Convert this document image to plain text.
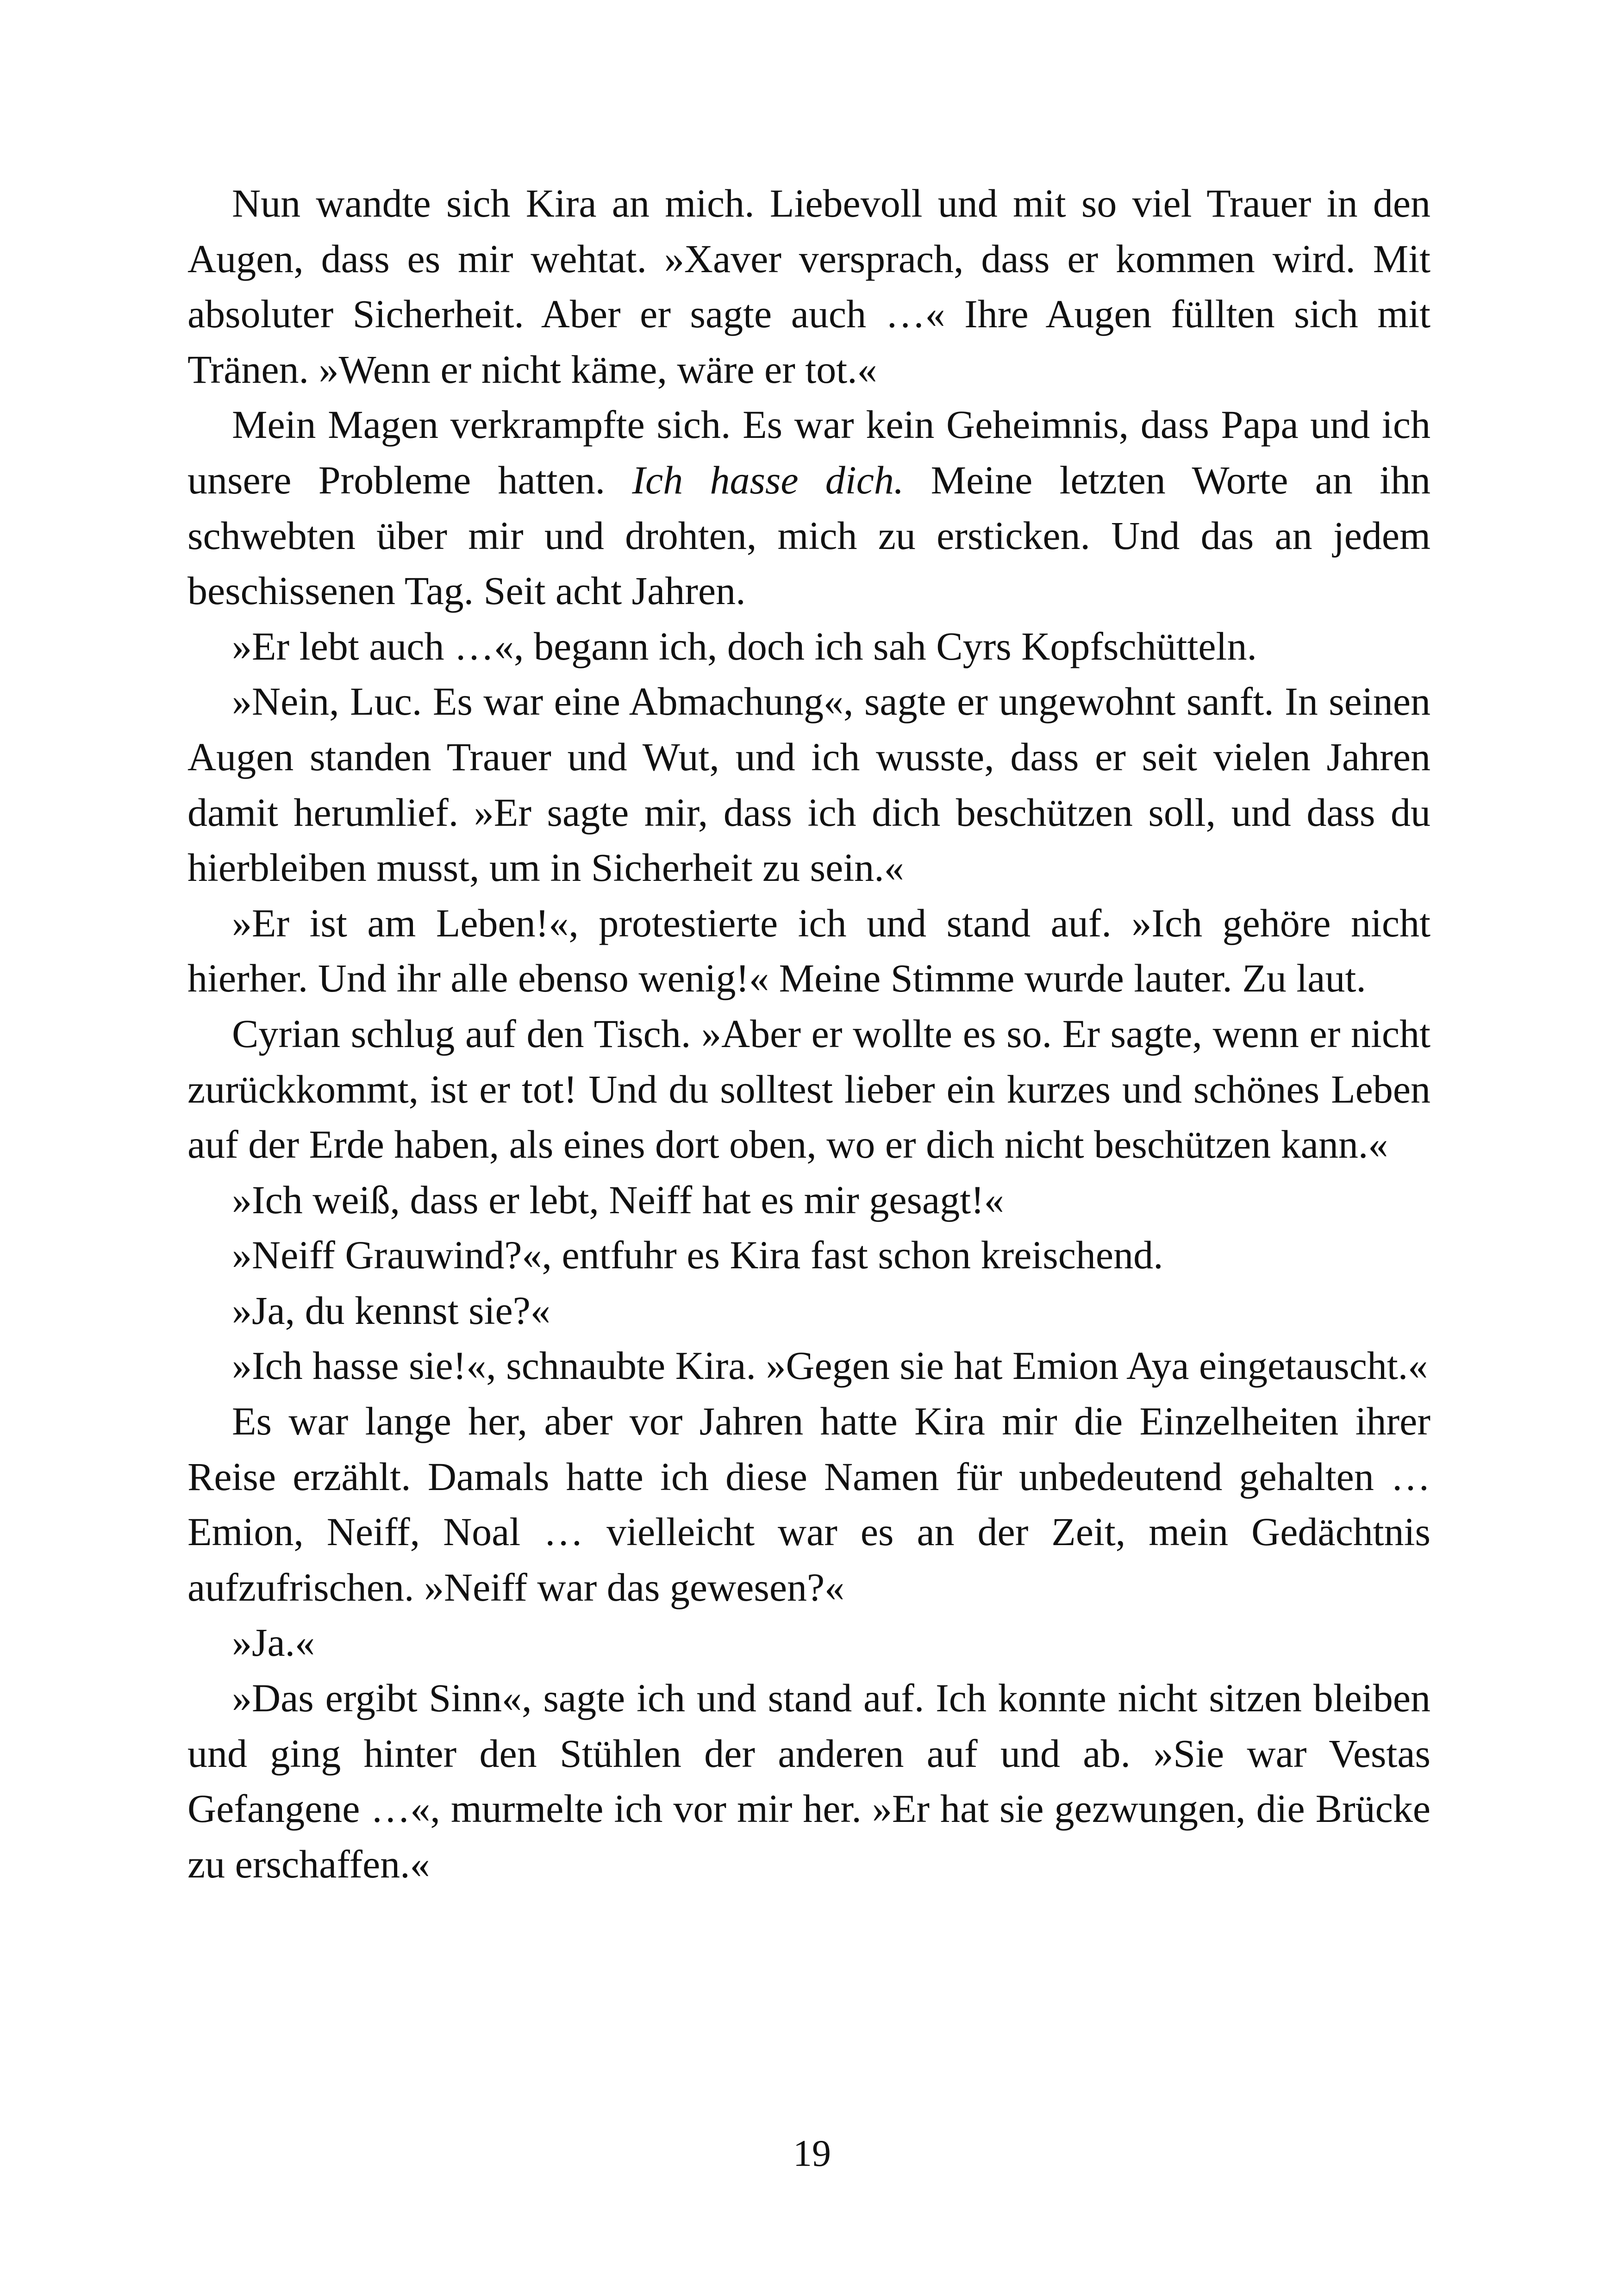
Nun wandte sich Kira an mich. Liebevoll und mit so viel Trauer in den Augen, dass es mir wehtat. »Xaver versprach, dass er kommen wird. Mit absoluter Sicherheit. Aber er sagte auch …« Ihre Augen füllten sich mit Tränen. »Wenn er nicht käme, wäre er tot.«

Mein Magen verkrampfte sich. Es war kein Geheimnis, dass Papa und ich unsere Probleme hatten. Ich hasse dich. Meine letzten Worte an ihn schwebten über mir und drohten, mich zu ersticken. Und das an jedem beschissenen Tag. Seit acht Jahren.

»Er lebt auch …«, begann ich, doch ich sah Cyrs Kopfschütteln.

»Nein, Luc. Es war eine Abmachung«, sagte er ungewohnt sanft. In seinen Augen standen Trauer und Wut, und ich wusste, dass er seit vielen Jahren damit herumlief. »Er sagte mir, dass ich dich beschützen soll, und dass du hierbleiben musst, um in Sicherheit zu sein.«

»Er ist am Leben!«, protestierte ich und stand auf. »Ich gehöre nicht hierher. Und ihr alle ebenso wenig!« Meine Stimme wurde lauter. Zu laut.

Cyrian schlug auf den Tisch. »Aber er wollte es so. Er sagte, wenn er nicht zurückkommt, ist er tot! Und du solltest lieber ein kurzes und schönes Leben auf der Erde haben, als eines dort oben, wo er dich nicht beschützen kann.«

»Ich weiß, dass er lebt, Neiff hat es mir gesagt!«

»Neiff Grauwind?«, entfuhr es Kira fast schon kreischend.

»Ja, du kennst sie?«

»Ich hasse sie!«, schnaubte Kira. »Gegen sie hat Emion Aya eingetauscht.«

Es war lange her, aber vor Jahren hatte Kira mir die Einzelheiten ihrer Reise erzählt. Damals hatte ich diese Namen für unbedeutend gehalten … Emion, Neiff, Noal … vielleicht war es an der Zeit, mein Gedächtnis aufzufrischen. »Neiff war das gewesen?«

»Ja.«

»Das ergibt Sinn«, sagte ich und stand auf. Ich konnte nicht sitzen bleiben und ging hinter den Stühlen der anderen auf und ab. »Sie war Vestas Gefangene …«, murmelte ich vor mir her. »Er hat sie gezwungen, die Brücke zu erschaffen.«

19
